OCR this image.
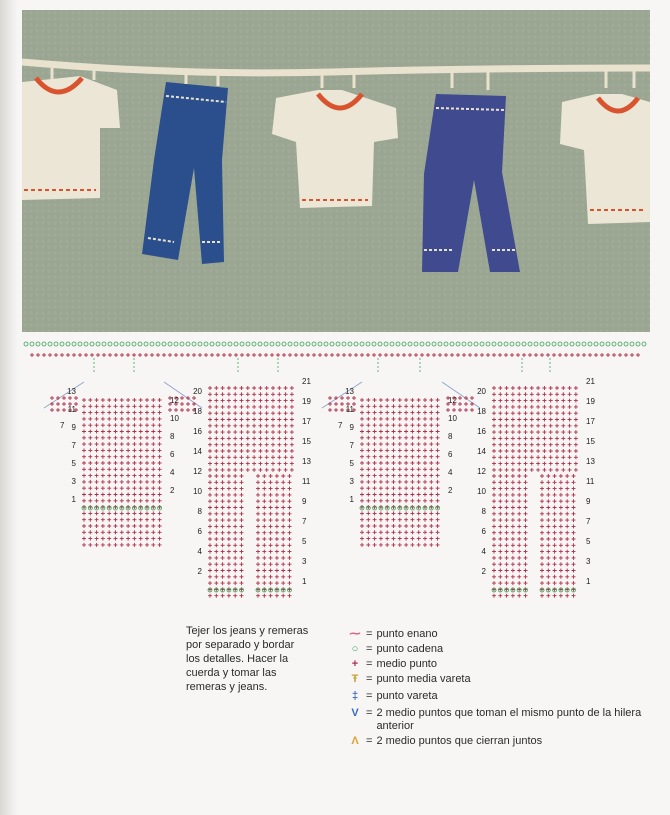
1
2
3
4
5
6
7
8
9
10
11
12
13
7
1
2
3
4
5
6
7
8
9
10
11
12
13
14
15
16
17
18
19
20
21
1
2
3
4
5
6
7
8
9
10
11
12
13
7
1
2
3
4
5
6
7
8
9
10
11
12
13
14
15
16
17
18
19
20
21
Tejer los jeans y remeras
por separado y bordar
los detalles. Hacer la
cuerda y tomar las
remeras y jeans.
⁓ = punto enano
○ = punto cadena
+ = medio punto
Ŧ = punto media vareta
‡ = punto vareta
V = 2 medio puntos que toman el mismo punto de la hilera anterior
Λ = 2 medio puntos que cierran juntos
